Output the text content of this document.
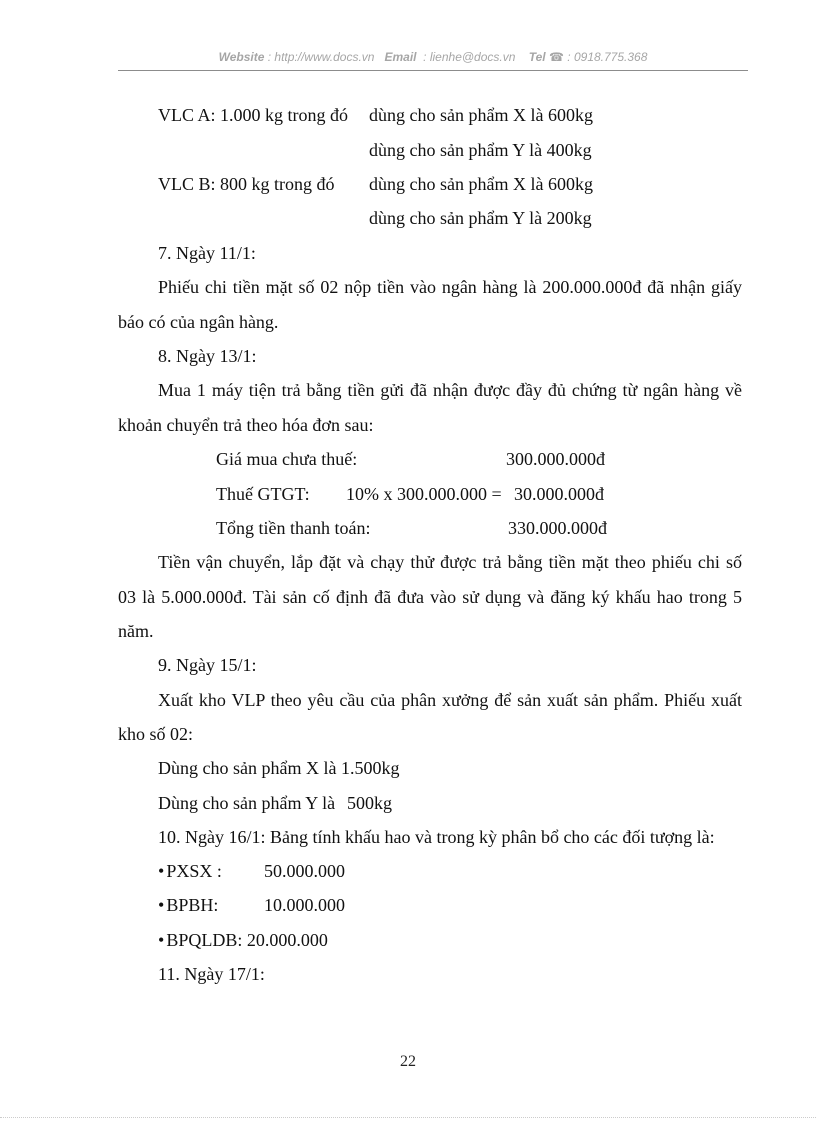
Website : http://www.docs.vn Email : lienhe@docs.vn Tel ☎ : 0918.775.368
VLC A: 1.000 kg trong đó dùng cho sản phẩm X là 600kg
dùng cho sản phẩm Y là 400kg
VLC B: 800 kg trong đó dùng cho sản phẩm X là 600kg
dùng cho sản phẩm Y là 200kg
7. Ngày 11/1:
Phiếu chi tiền mặt số 02 nộp tiền vào ngân hàng là 200.000.000đ đã nhận giấy
báo có của ngân hàng.
8. Ngày 13/1:
Mua 1 máy tiện trả bằng tiền gửi đã nhận được đầy đủ chứng từ ngân hàng về
khoản chuyển trả theo hóa đơn sau:
Giá mua chưa thuế:	300.000.000đ
Thuế GTGT: 10% x 300.000.000 = 30.000.000đ
Tổng tiền thanh toán:	330.000.000đ
Tiền vận chuyển, lắp đặt và chạy thử được trả bằng tiền mặt theo phiếu chi số
03 là 5.000.000đ. Tài sản cố định đã đưa vào sử dụng và đăng ký khấu hao trong 5
năm.
9. Ngày 15/1:
Xuất kho VLP theo yêu cầu của phân xưởng để sản xuất sản phẩm. Phiếu xuất
kho số 02:
Dùng cho sản phẩm X là 1.500kg
Dùng cho sản phẩm Y là 500kg
10. Ngày 16/1: Bảng tính khấu hao và trong kỳ phân bổ cho các đối tượng là:
• PXSX : 50.000.000
• BPBH:	10.000.000
• BPQLDB: 20.000.000
11. Ngày 17/1:
22
